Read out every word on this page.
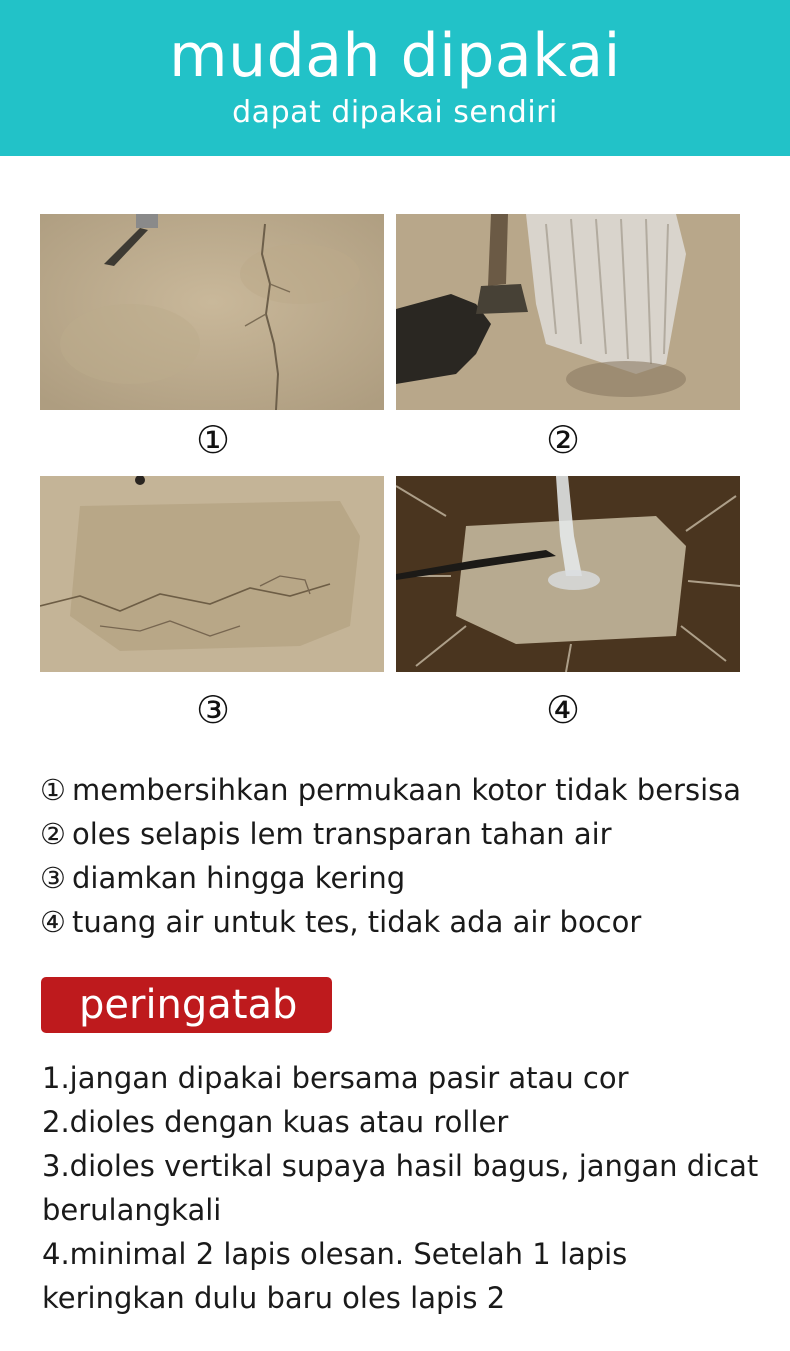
mudah dipakai
dapat dipakai sendiri
①	②
③	④
① membersihkan permukaan kotor tidak bersisa
② oles selapis lem transparan tahan air
③ diamkan hingga kering
④ tuang air untuk tes, tidak ada air bocor
peringatab

1.jangan dipakai bersama pasir atau cor

2.dioles dengan kuas atau roller

3.dioles vertikal supaya hasil bagus, jangan dicat berulangkali

4.minimal 2 lapis olesan. Setelah 1 lapis keringkan dulu baru oles lapis 2
